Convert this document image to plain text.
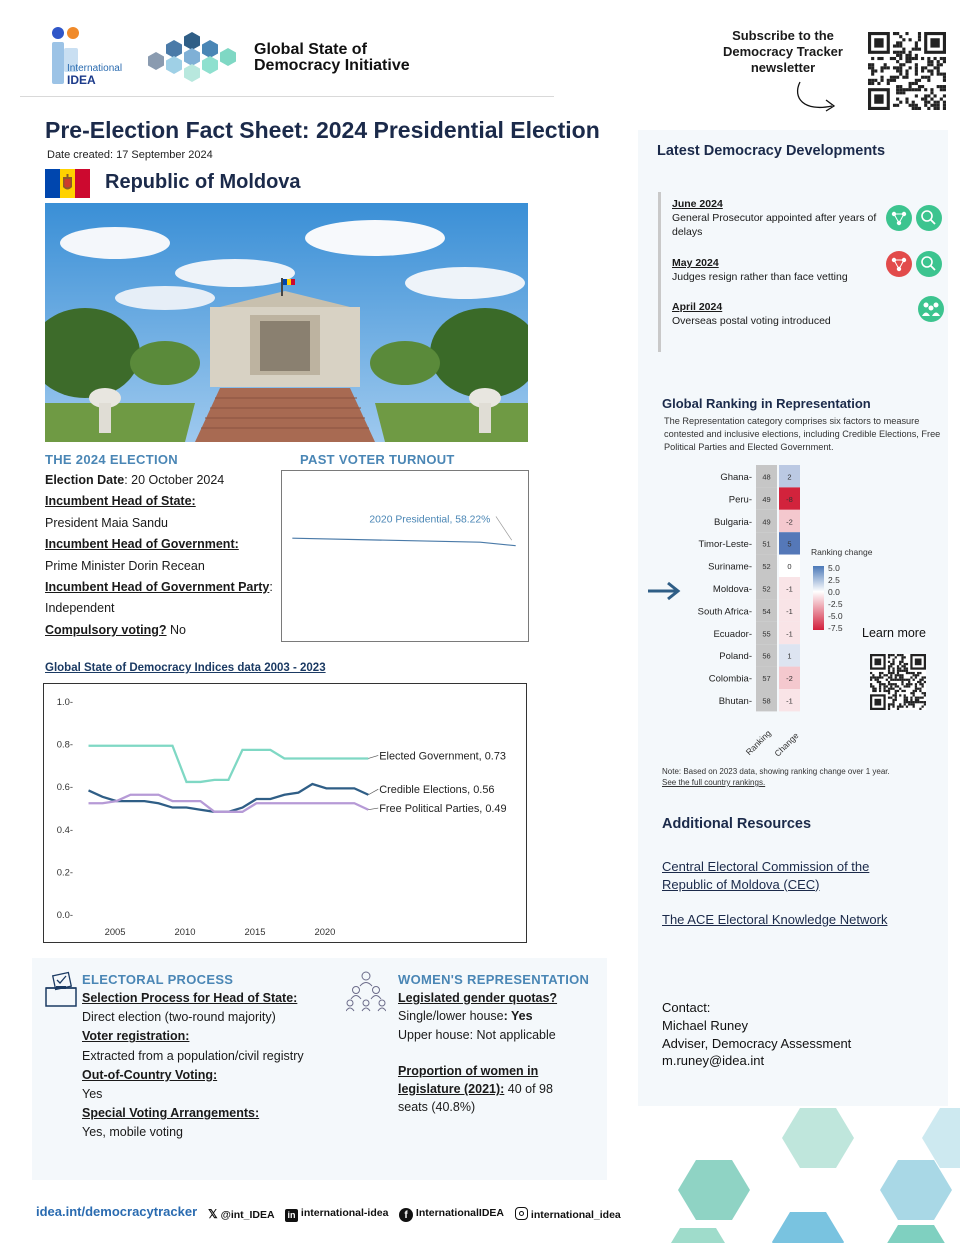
International
IDEA
Global State of
Democracy Initiative
Subscribe to the
Democracy Tracker
newsletter
Pre-Election Fact Sheet: 2024 Presidential Election
Date created: 17 September 2024
Republic of Moldova
THE 2024 ELECTION	PAST VOTER TURNOUT
Election Date: 20 October 2024
Incumbent Head of State:
President Maia Sandu
Incumbent Head of Government:
Prime Minister Dorin Recean
Incumbent Head of Government Party:
Independent
Compulsory voting? No
2020 Presidential, 58.22%
Global State of Democracy Indices data 2003 - 2023
0.0-
0.2-
0.4-
0.6-
0.8-
1.0-
2005	2010	2015	2020
Elected Government, 0.73
Credible Elections, 0.56
Free Political Parties, 0.49
ELECTORAL PROCESS
Selection Process for Head of State:
Direct election (two-round majority)
Voter registration:
Extracted from a population/civil registry
Out-of-Country Voting:
Yes
Special Voting Arrangements:
Yes, mobile voting
WOMEN'S REPRESENTATION
Legislated gender quotas?
Single/lower house: Yes
Upper house: Not applicable
Proportion of women in
legislature (2021): 40 of 98
seats (40.8%)
Latest Democracy Developments
June 2024
General Prosecutor appointed after years of delays
May 2024
Judges resign rather than face vetting
April 2024
Overseas postal voting introduced
Global Ranking in Representation
The Representation category comprises six factors to measure contested and inclusive elections, including Credible Elections, Free Political Parties and Elected Government.
Ghana- 48 2
Peru- 49 -8
Bulgaria- 49 -2
Timor-Leste- 51 5
Suriname- 52 0
Moldova- 52 -1
South Africa- 54 -1
Ecuador- 55 -1
Poland- 56 1
Colombia- 57 -2
Bhutan- 58 -1
Ranking Change
Ranking change
5.0
2.5
0.0
-2.5
-5.0
-7.5 Learn more
Note: Based on 2023 data, showing ranking change over 1 year.
See the full country rankings.
Additional Resources
Central Electoral Commission of the
Republic of Moldova (CEC)
The ACE Electoral Knowledge Network
Contact:
Michael Runey
Adviser, Democracy Assessment
m.runey@idea.int
idea.int/democracytracker 𝕏 @int_IDEA in international-idea	f InternationalIDEA	international_idea
